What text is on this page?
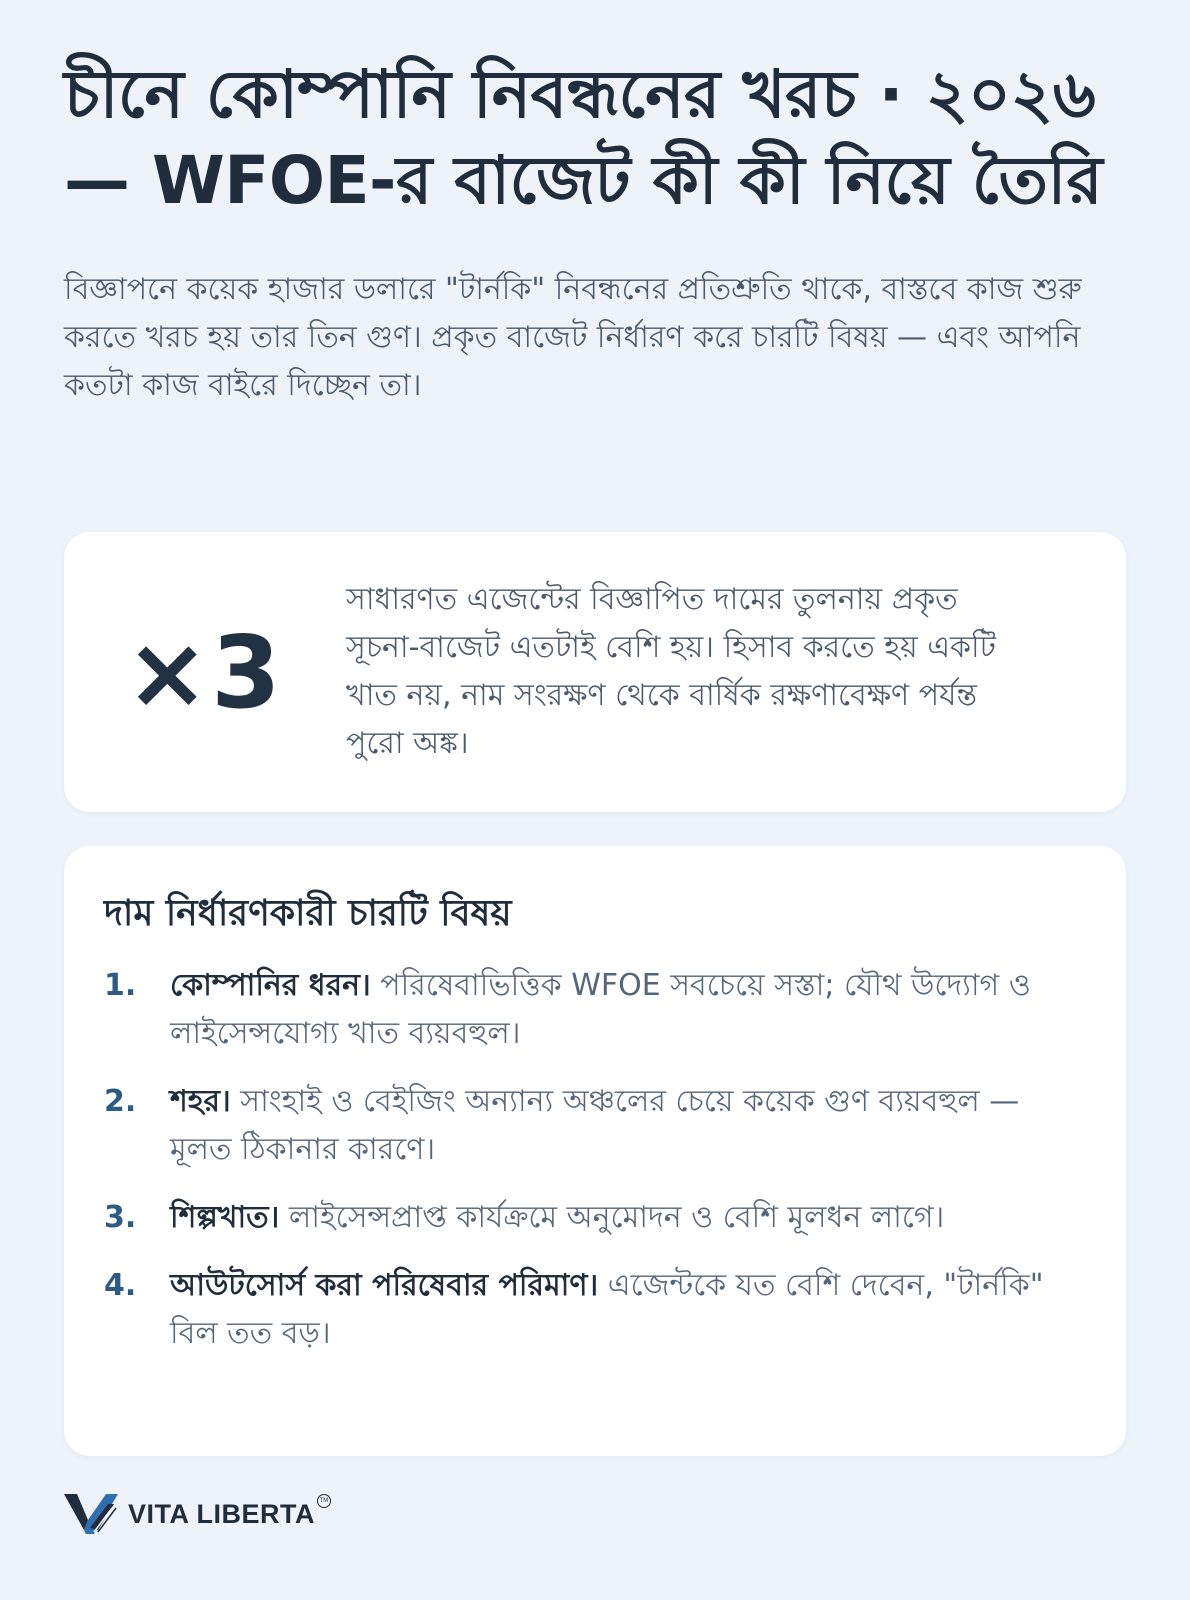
চীনে কোম্পানি নিবন্ধনের খরচ · ২০২৬ — WFOE-র বাজেট কী কী নিয়ে তৈরি

বিজ্ঞাপনে কয়েক হাজার ডলারে "টার্নকি" নিবন্ধনের প্রতিশ্রুতি থাকে, বাস্তবে কাজ শুরু করতে খরচ হয় তার তিন গুণ। প্রকৃত বাজেট নির্ধারণ করে চারটি বিষয় — এবং আপনি কতটা কাজ বাইরে দিচ্ছেন তা।

×3
সাধারণত এজেন্টের বিজ্ঞাপিত দামের তুলনায় প্রকৃত সূচনা-বাজেট এতটাই বেশি হয়। হিসাব করতে হয় একটি খাত নয়, নাম সংরক্ষণ থেকে বার্ষিক রক্ষণাবেক্ষণ পর্যন্ত পুরো অঙ্ক।
দাম নির্ধারণকারী চারটি বিষয়
1.	কোম্পানির ধরন। পরিষেবাভিত্তিক WFOE সবচেয়ে সস্তা; যৌথ উদ্যোগ ও লাইসেন্সযোগ্য খাত ব্যয়বহুল।
2.	শহর। সাংহাই ও বেইজিং অন্যান্য অঞ্চলের চেয়ে কয়েক গুণ ব্যয়বহুল — মূলত ঠিকানার কারণে।
3.	শিল্পখাত। লাইসেন্সপ্রাপ্ত কার্যক্রমে অনুমোদন ও বেশি মূলধন লাগে।
4.	আউটসোর্স করা পরিষেবার পরিমাণ। এজেন্টকে যত বেশি দেবেন, "টার্নকি" বিল তত বড়।
VITA LIBERTA TM
